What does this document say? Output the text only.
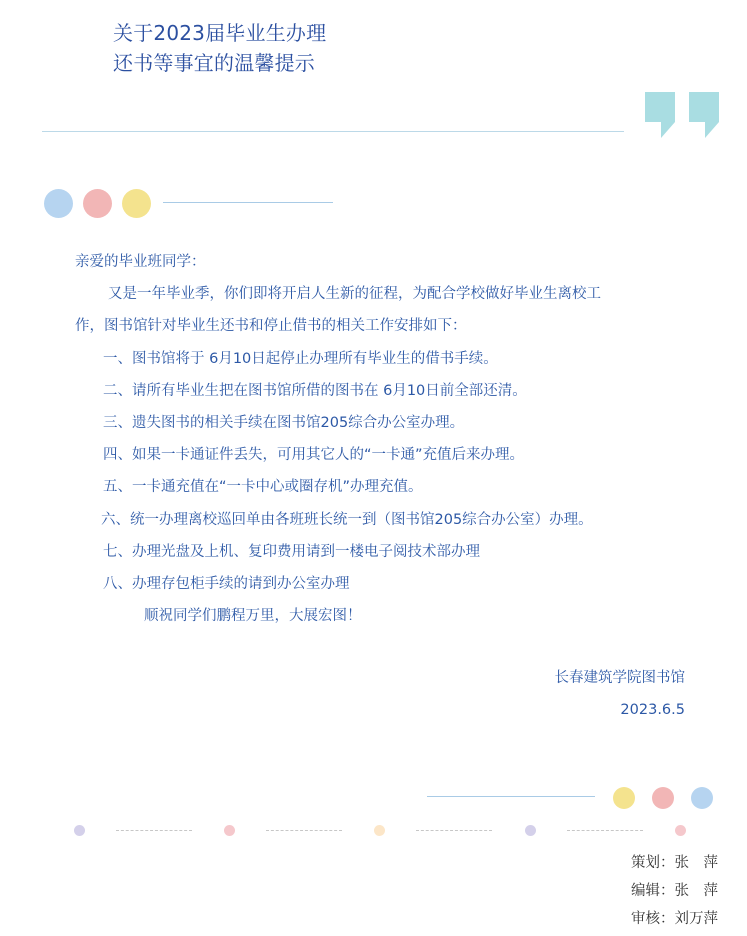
关于2023届毕业生办理
还书等事宜的温馨提示
亲爱的毕业班同学：
又是一年毕业季，你们即将开启人生新的征程，为配合学校做好毕业生离校工
作，图书馆针对毕业生还书和停止借书的相关工作安排如下：
一、图书馆将于 6月10日起停止办理所有毕业生的借书手续。
二、请所有毕业生把在图书馆所借的图书在 6月10日前全部还清。
三、遗失图书的相关手续在图书馆205综合办公室办理。
四、如果一卡通证件丢失，可用其它人的“一卡通”充值后来办理。
五、一卡通充值在“一卡中心或圈存机”办理充值。
六、统一办理离校巡回单由各班班长统一到（图书馆205综合办公室）办理。
七、办理光盘及上机、复印费用请到一楼电子阅技术部办理
八、办理存包柜手续的请到办公室办理
顺祝同学们鹏程万里，大展宏图！
长春建筑学院图书馆
2023.6.5
策划：张　萍
编辑：张　萍
审核：刘万萍
